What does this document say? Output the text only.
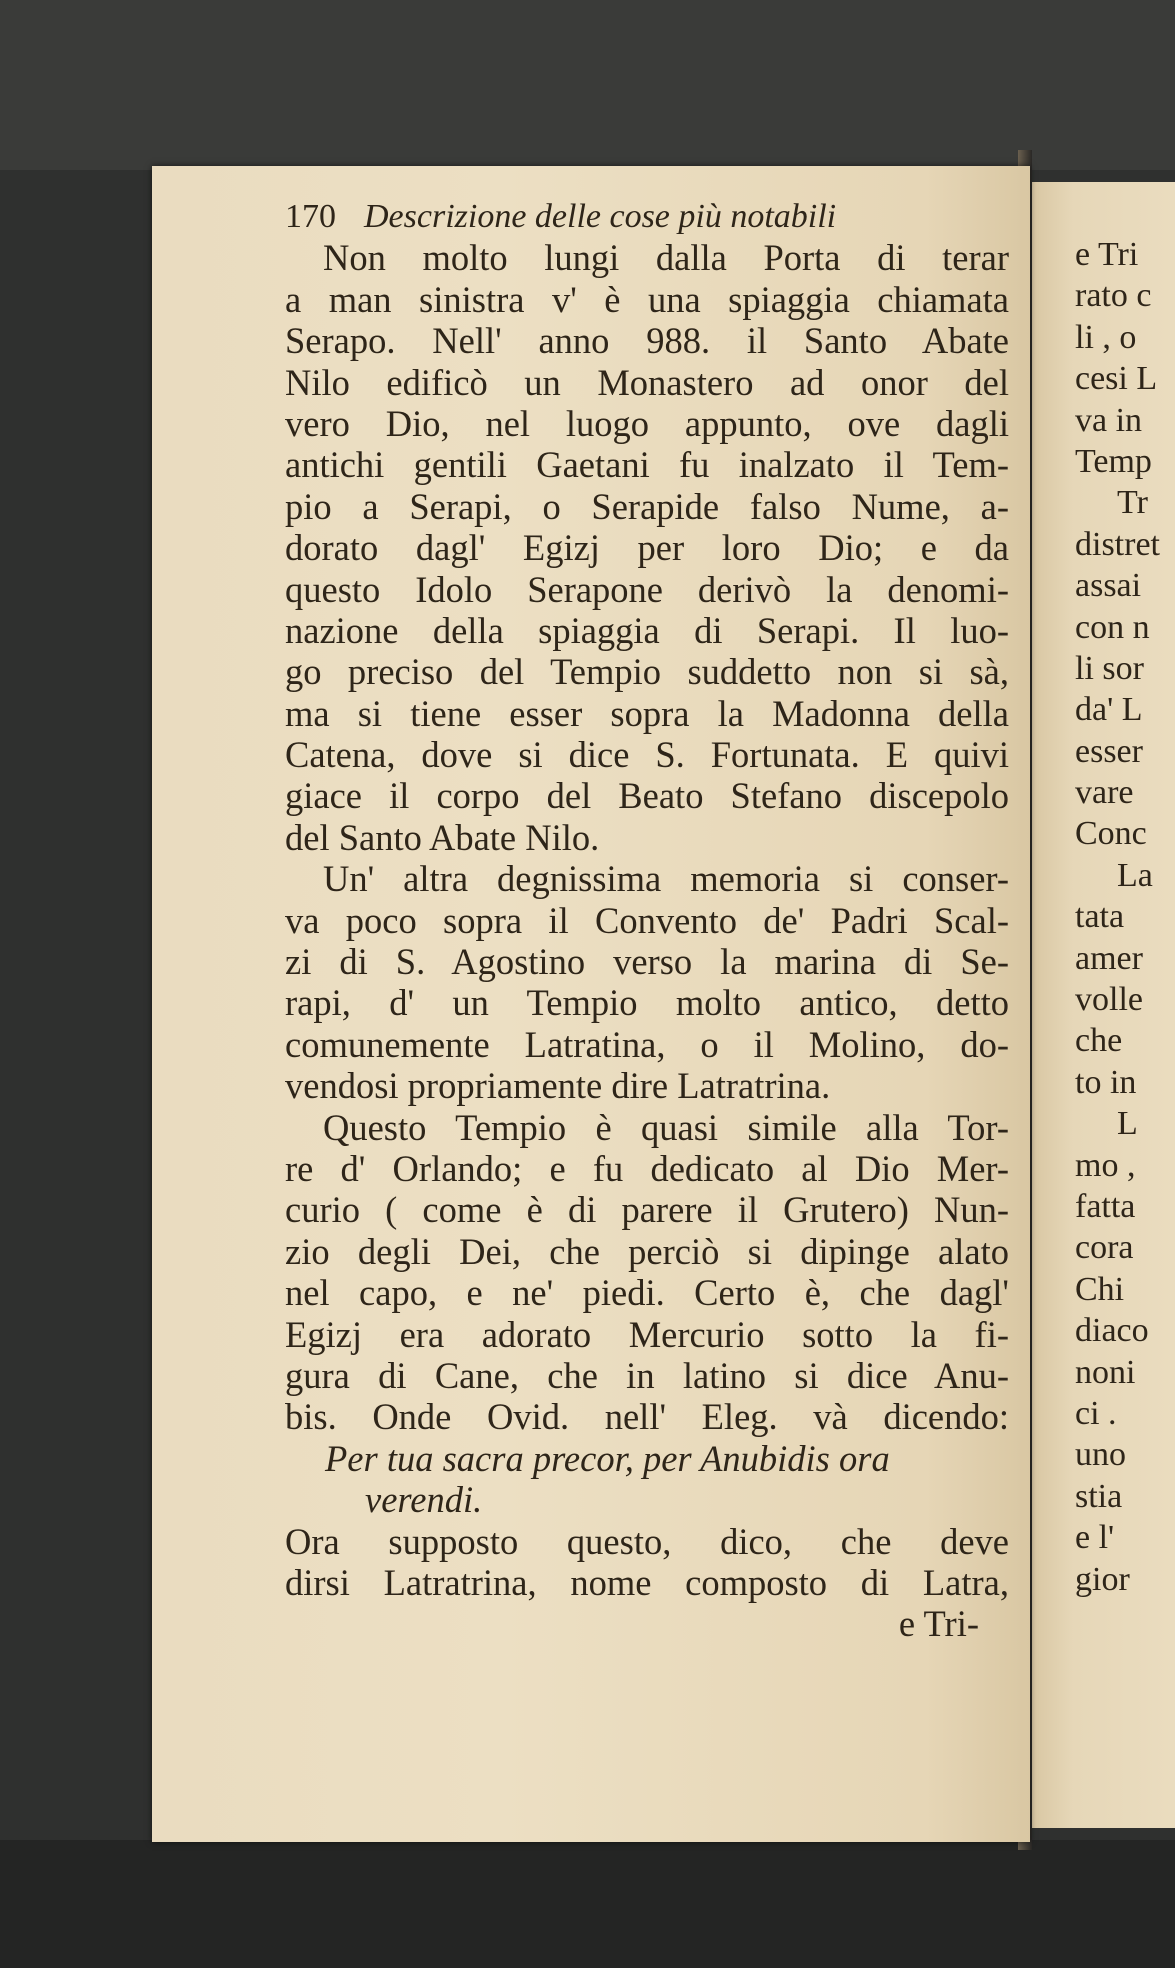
e Tri
rato c
li , o
cesi L
va in
Temp
Tr
distret
assai
con n
li sor
da' L
esser
vare
Conc
La
tata
amer
volle
che
to in
L
mo ,
fatta
cora
Chi
diaco
noni
ci .
uno
stia
e l'
gior
170 Descrizione delle cose più notabili
Non molto lungi dalla Porta di terar
a man sinistra v' è una spiaggia chiamata
Serapo. Nell' anno 988. il Santo Abate
Nilo edificò un Monastero ad onor del
vero Dio, nel luogo appunto, ove dagli
antichi gentili Gaetani fu inalzato il Tem-
pio a Serapi, o Serapide falso Nume, a-
dorato dagl' Egizj per loro Dio; e da
questo Idolo Serapone derivò la denomi-
nazione della spiaggia di Serapi. Il luo-
go preciso del Tempio suddetto non si sà,
ma si tiene esser sopra la Madonna della
Catena, dove si dice S. Fortunata. E quivi
giace il corpo del Beato Stefano discepolo
del Santo Abate Nilo.
Un' altra degnissima memoria si conser-
va poco sopra il Convento de' Padri Scal-
zi di S. Agostino verso la marina di Se-
rapi, d' un Tempio molto antico, detto
comunemente Latratina, o il Molino, do-
vendosi propriamente dire Latratrina.
Questo Tempio è quasi simile alla Tor-
re d' Orlando; e fu dedicato al Dio Mer-
curio ( come è di parere il Grutero) Nun-
zio degli Dei, che perciò si dipinge alato
nel capo, e ne' piedi. Certo è, che dagl'
Egizj era adorato Mercurio sotto la fi-
gura di Cane, che in latino si dice Anu-
bis. Onde Ovid. nell' Eleg. và dicendo:
Per tua sacra precor, per Anubidis ora
verendi.
Ora supposto questo, dico, che deve
dirsi Latratrina, nome composto di Latra,
e Tri-
